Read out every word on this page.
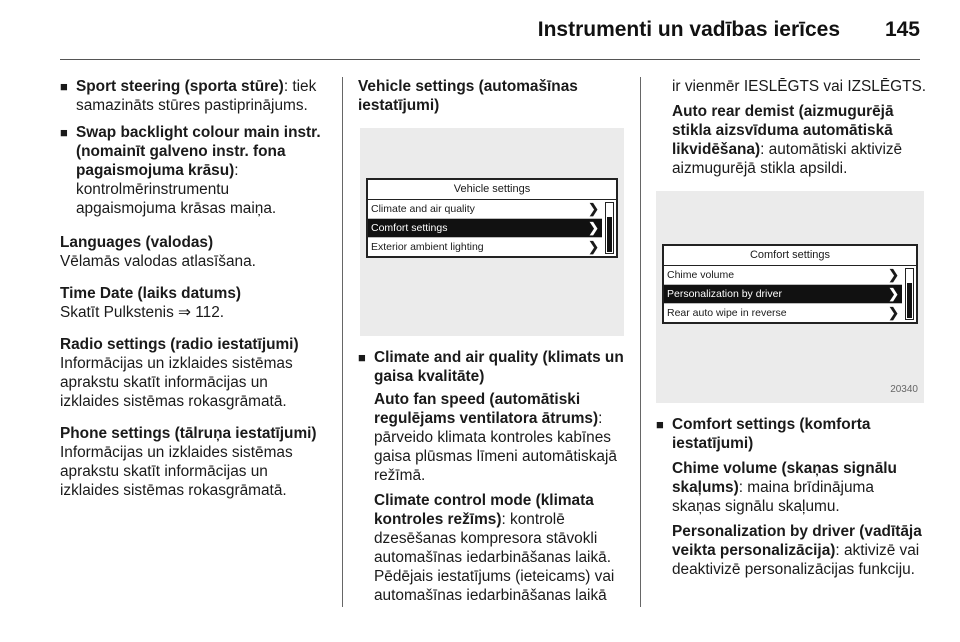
Instrumenti un vadības ierīces 145
■ Sport steering (sporta stūre): tiek samazināts stūres pastiprinājums.
■ Swap backlight colour main instr. (nomainīt galveno instr. fona pagaismojuma krāsu): kontrolmērinstrumentu apgaismojuma krāsas maiņa.
Languages (valodas)
Vēlamās valodas atlasīšana.
Time Date (laiks datums)
Skatīt Pulkstenis ⇒ 112.
Radio settings (radio iestatījumi)
Informācijas un izklaides sistēmas aprakstu skatīt informācijas un izklaides sistēmas rokasgrāmatā.
Phone settings (tālruņa iestatījumi)
Informācijas un izklaides sistēmas aprakstu skatīt informācijas un izklaides sistēmas rokasgrāmatā.
Vehicle settings (automašīnas iestatījumi)
Vehicle settings
Climate and air quality	❯
Comfort settings	❯
Exterior ambient lighting	❯
■ Climate and air quality (klimats un gaisa kvalitāte)
Auto fan speed (automātiski regulējams ventilatora ātrums): pārveido klimata kontroles kabīnes gaisa plūsmas līmeni automātiskajā režīmā.
Climate control mode (klimata kontroles režīms): kontrolē dzesēšanas kompresora stāvokli automašīnas iedarbināšanas laikā. Pēdējais iestatījums (ieteicams) vai automašīnas iedarbināšanas laikā
ir vienmēr IESLĒGTS vai IZSLĒGTS.
Auto rear demist (aizmugurējā stikla aizsvīduma automātiskā likvidēšana): automātiski aktivizē aizmugurējā stikla apsildi.
Comfort settings
Chime volume	❯
Personalization by driver	❯
Rear auto wipe in reverse	❯
20340
■ Comfort settings (komforta iestatījumi)
Chime volume (skaņas signālu skaļums): maina brīdinājuma skaņas signālu skaļumu.
Personalization by driver (vadītāja veikta personalizācija): aktivizē vai deaktivizē personalizācijas funkciju.
